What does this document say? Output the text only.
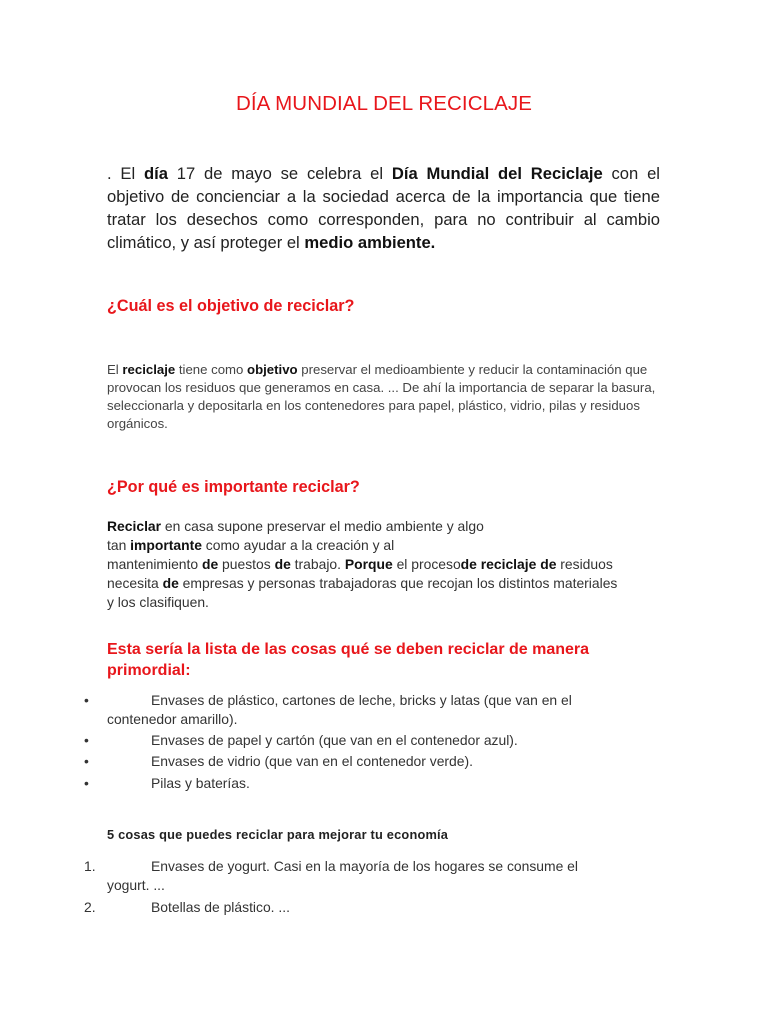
DÍA MUNDIAL DEL RECICLAJE

. El día 17 de mayo se celebra el Día Mundial del Reciclaje con el objetivo de concienciar a la sociedad acerca de la importancia que tiene tratar los desechos como corresponden, para no contribuir al cambio climático, y así proteger el medio ambiente.

¿Cuál es el objetivo de reciclar?

El reciclaje tiene como objetivo preservar el medioambiente y reducir la contaminación que provocan los residuos que generamos en casa. ... De ahí la importancia de separar la basura, seleccionarla y depositarla en los contenedores para papel, plástico, vidrio, pilas y residuos orgánicos.

¿Por qué es importante reciclar?

Reciclar en casa supone preservar el medio ambiente y algo
tan importante como ayudar a la creación y al
mantenimiento de puestos de trabajo. Porque el procesode reciclaje de residuos
necesita de empresas y personas trabajadoras que recojan los distintos materiales
y los clasifiquen.

Esta sería la lista de las cosas qué se deben reciclar de manera primordial:
•	Envases de plástico, cartones de leche, bricks y latas (que van en el
contenedor amarillo).
•	Envases de papel y cartón (que van en el contenedor azul).
•	Envases de vidrio (que van en el contenedor verde).
•	Pilas y baterías.
5 cosas que puedes reciclar para mejorar tu economía
1.	Envases de yogurt. Casi en la mayoría de los hogares se consume el
yogurt. ...
2.	Botellas de plástico. ...
